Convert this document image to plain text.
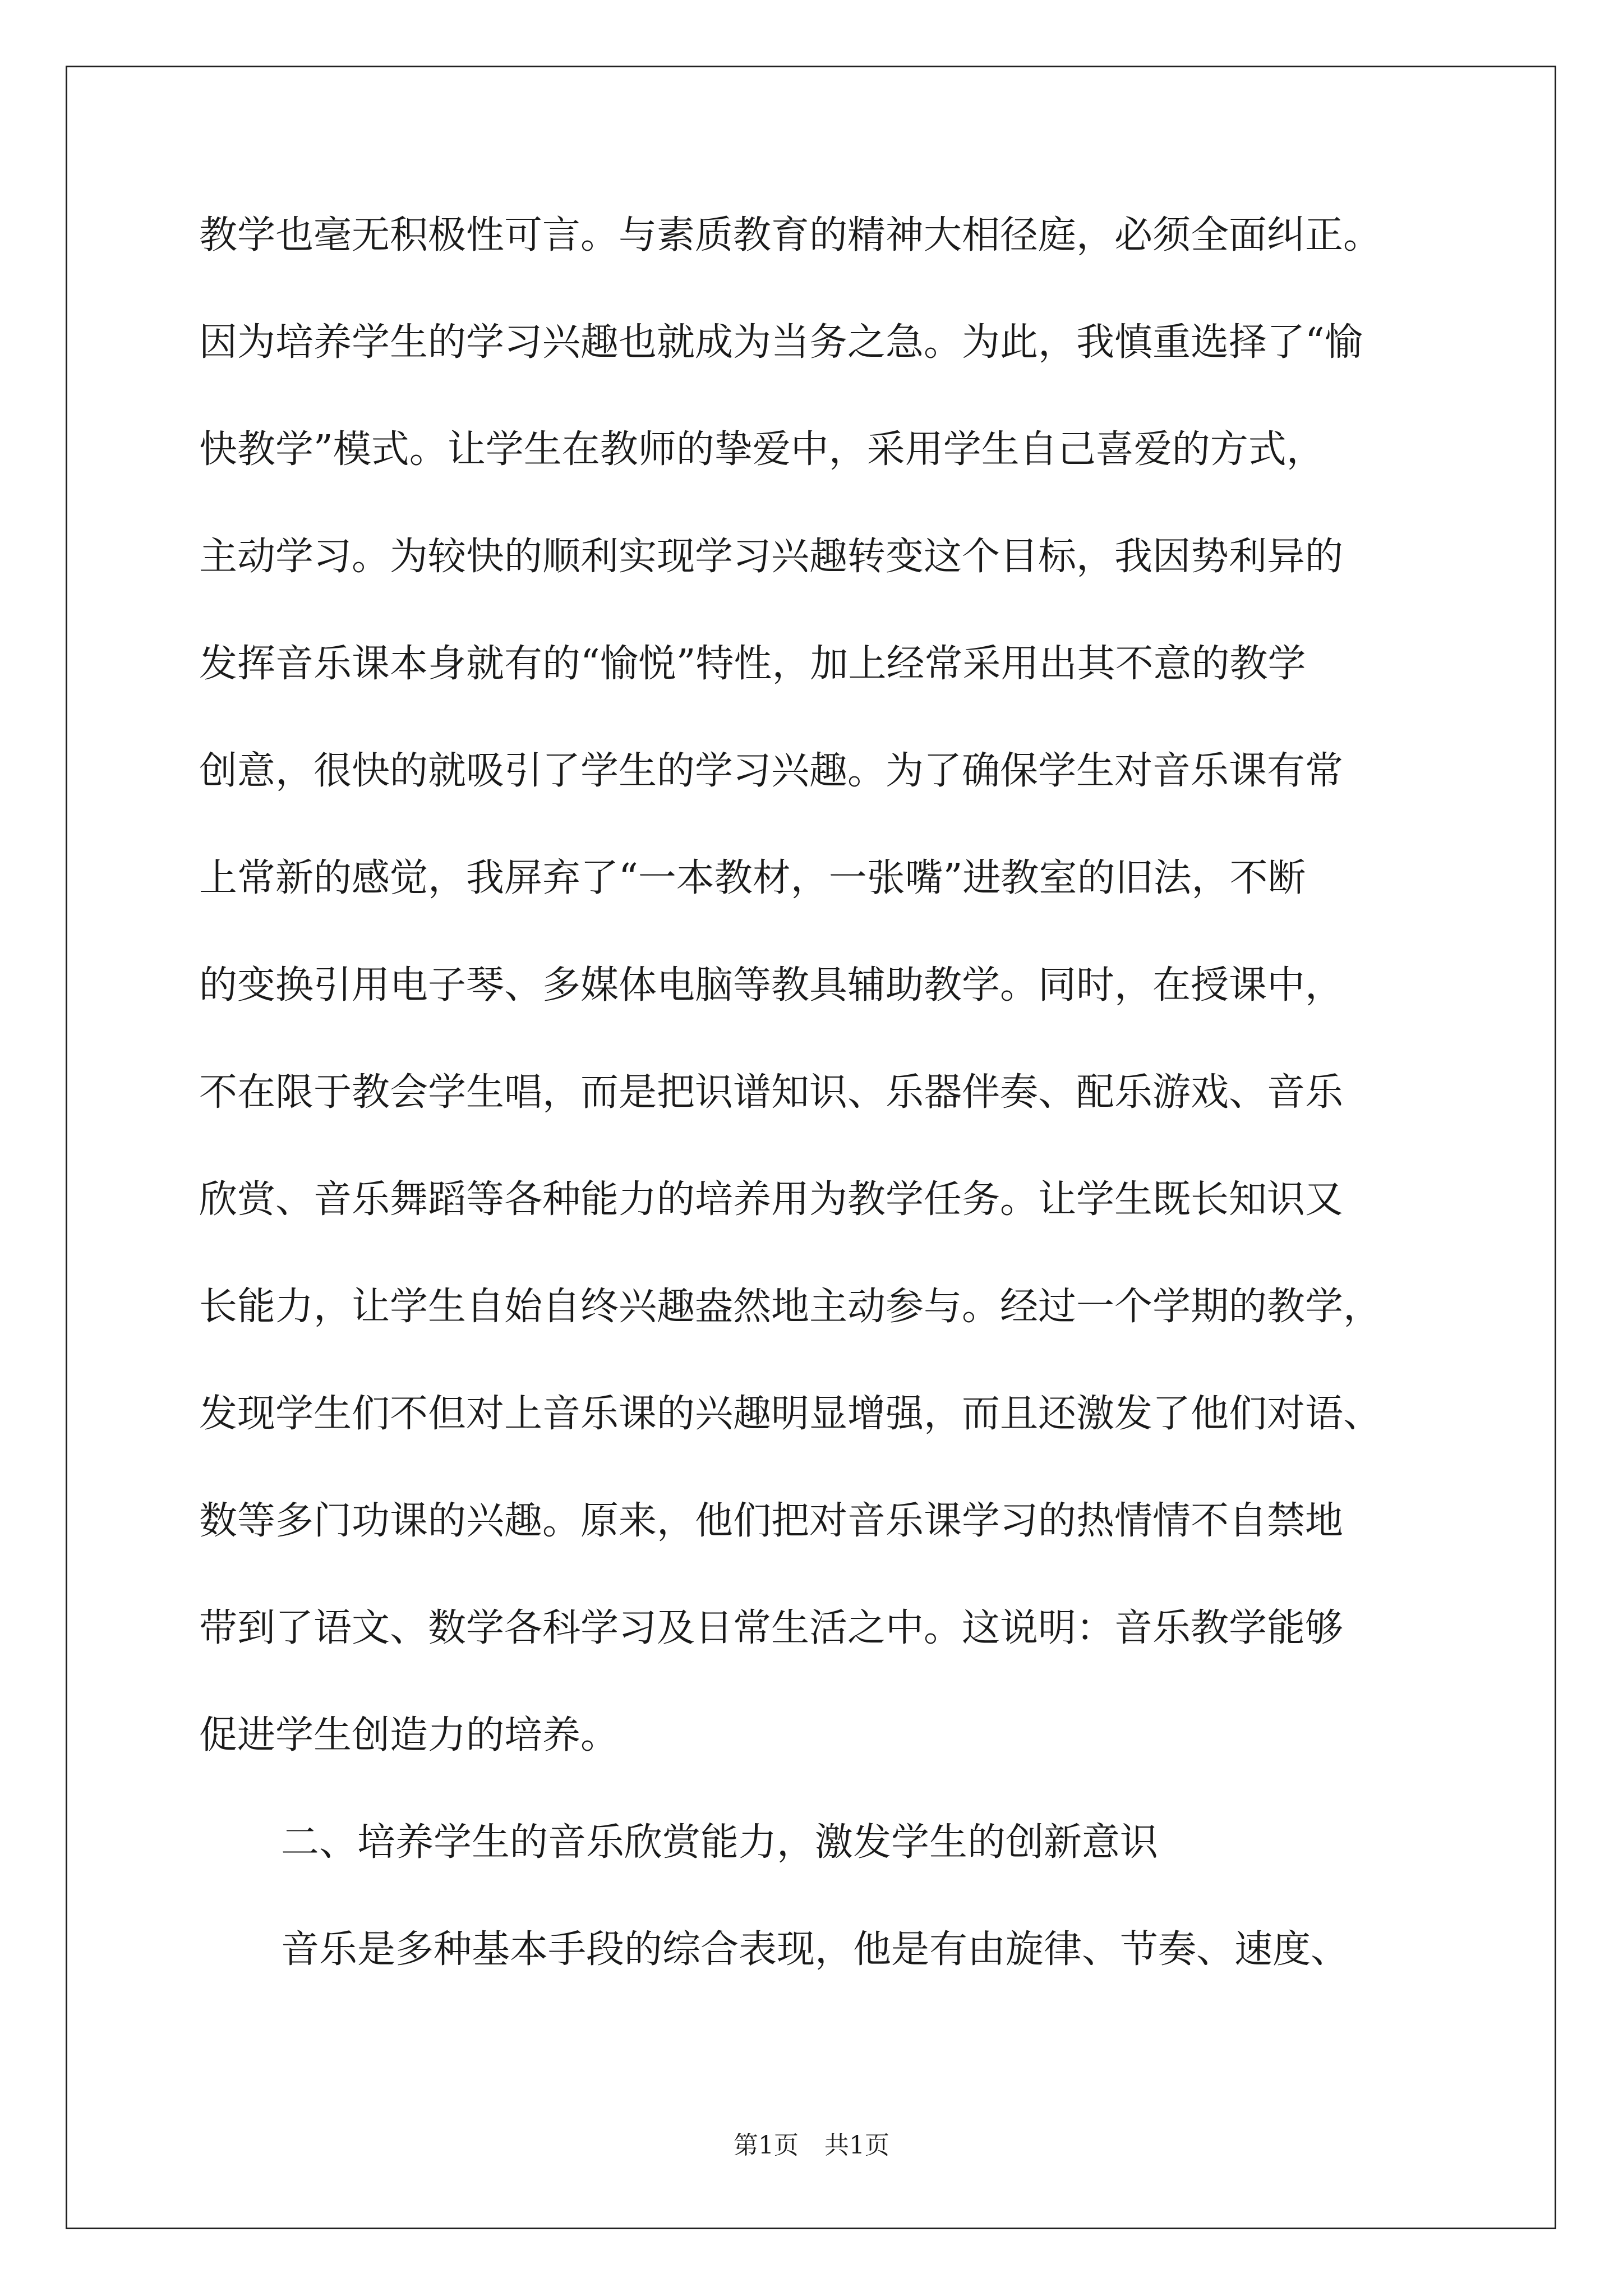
教学也毫无积极性可言。与素质教育的精神大相径庭，必须全面纠正。
因为培养学生的学习兴趣也就成为当务之急。为此，我慎重选择了“愉
快教学”模式。让学生在教师的挚爱中，采用学生自己喜爱的方式，
主动学习。为较快的顺利实现学习兴趣转变这个目标，我因势利异的
发挥音乐课本身就有的“愉悦”特性，加上经常采用出其不意的教学
创意，很快的就吸引了学生的学习兴趣。为了确保学生对音乐课有常
上常新的感觉，我屏弃了“一本教材，一张嘴”进教室的旧法，不断
的变换引用电子琴、多媒体电脑等教具辅助教学。同时，在授课中，
不在限于教会学生唱，而是把识谱知识、乐器伴奏、配乐游戏、音乐
欣赏、音乐舞蹈等各种能力的培养用为教学任务。让学生既长知识又
长能力，让学生自始自终兴趣盎然地主动参与。经过一个学期的教学，
发现学生们不但对上音乐课的兴趣明显增强，而且还激发了他们对语、
数等多门功课的兴趣。原来，他们把对音乐课学习的热情情不自禁地
带到了语文、数学各科学习及日常生活之中。这说明：音乐教学能够
促进学生创造力的培养。
二、培养学生的音乐欣赏能力，激发学生的创新意识
音乐是多种基本手段的综合表现，他是有由旋律、节奏、速度、
第1页 共1页
